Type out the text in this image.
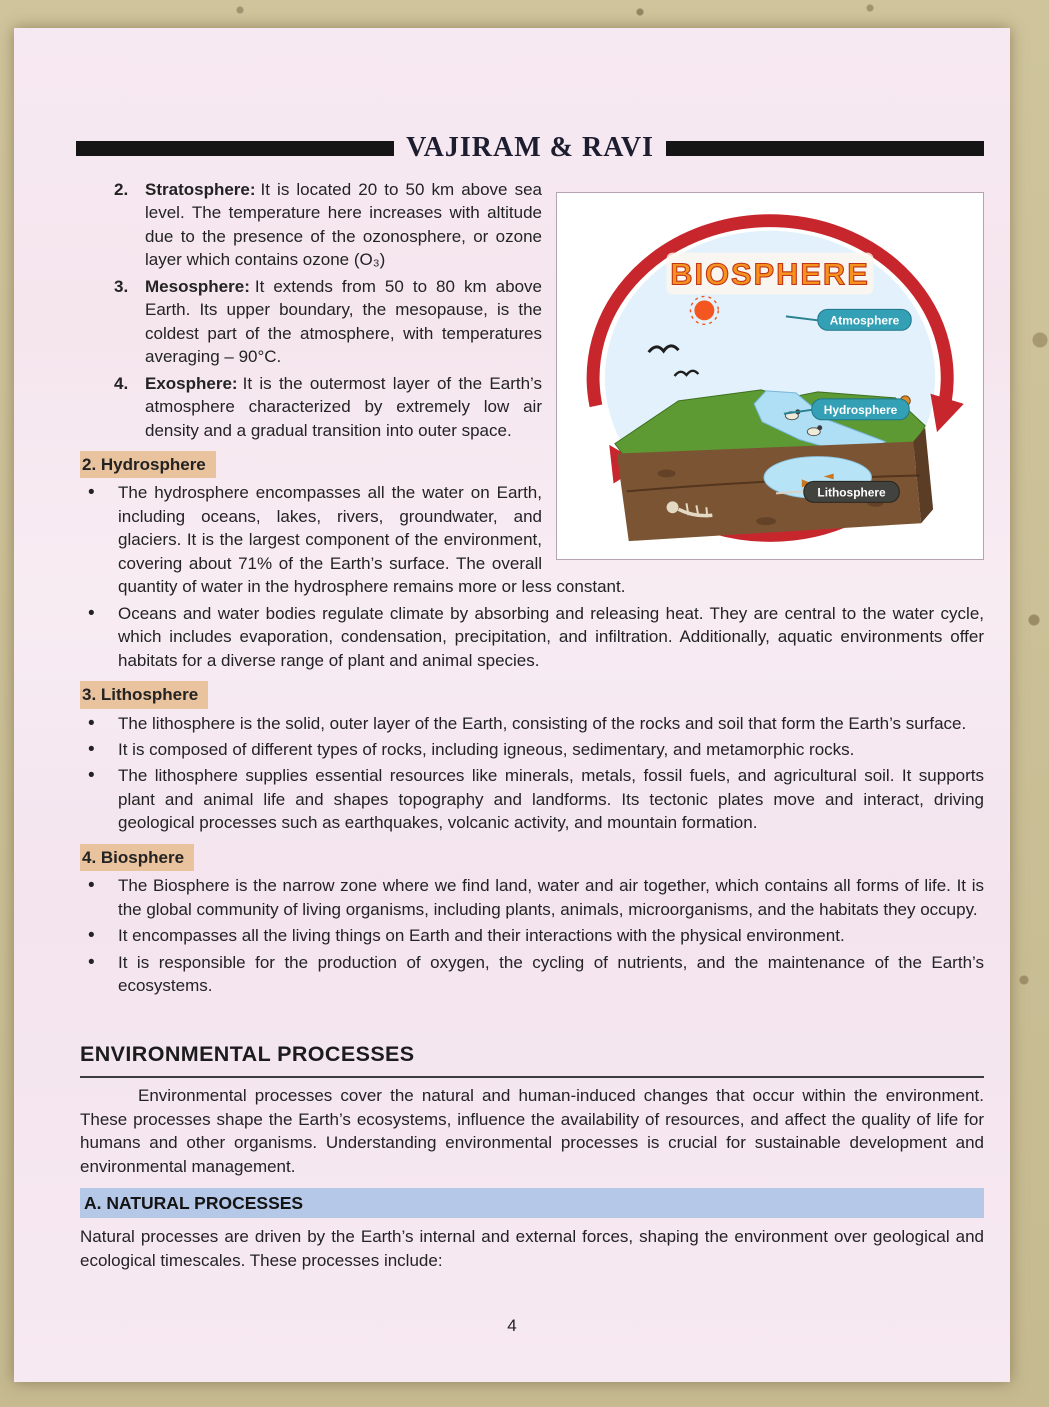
VAJIRAM & RAVI
Atmosphere
Hydrosphere
Lithosphere
BIOSPHERE
2. Stratosphere: It is located 20 to 50 km above sea level. The temperature here increases with altitude due to the presence of the ozonosphere, or ozone layer which contains ozone (O₃)
3. Mesosphere: It extends from 50 to 80 km above Earth. Its upper boundary, the mesopause, is the coldest part of the atmosphere, with temperatures averaging – 90°C.
4. Exosphere: It is the outermost layer of the Earth’s atmosphere characterized by extremely low air density and a gradual transition into outer space.
2. Hydrosphere
• The hydrosphere encompasses all the water on Earth, including oceans, lakes, rivers, groundwater, and glaciers. It is the largest component of the environment, covering about 71% of the Earth’s surface. The overall quantity of water in the hydrosphere remains more or less constant.
• Oceans and water bodies regulate climate by absorbing and releasing heat. They are central to the water cycle, which includes evaporation, condensation, precipitation, and infiltration. Additionally, aquatic environments offer habitats for a diverse range of plant and animal species.
3. Lithosphere
• The lithosphere is the solid, outer layer of the Earth, consisting of the rocks and soil that form the Earth’s surface.
• It is composed of different types of rocks, including igneous, sedimentary, and metamorphic rocks.
• The lithosphere supplies essential resources like minerals, metals, fossil fuels, and agricultural soil. It supports plant and animal life and shapes topography and landforms. Its tectonic plates move and interact, driving geological processes such as earthquakes, volcanic activity, and mountain formation.
4. Biosphere
• The Biosphere is the narrow zone where we find land, water and air together, which contains all forms of life. It is the global community of living organisms, including plants, animals, microorganisms, and the habitats they occupy.
• It encompasses all the living things on Earth and their interactions with the physical environment.
• It is responsible for the production of oxygen, the cycling of nutrients, and the maintenance of the Earth’s ecosystems.
ENVIRONMENTAL PROCESSES
Environmental processes cover the natural and human-induced changes that occur within the environment. These processes shape the Earth’s ecosystems, influence the availability of resources, and affect the quality of life for humans and other organisms. Understanding environmental processes is crucial for sustainable development and environmental management.
A. NATURAL PROCESSES
Natural processes are driven by the Earth’s internal and external forces, shaping the environment over geological and ecological timescales. These processes include:
4
